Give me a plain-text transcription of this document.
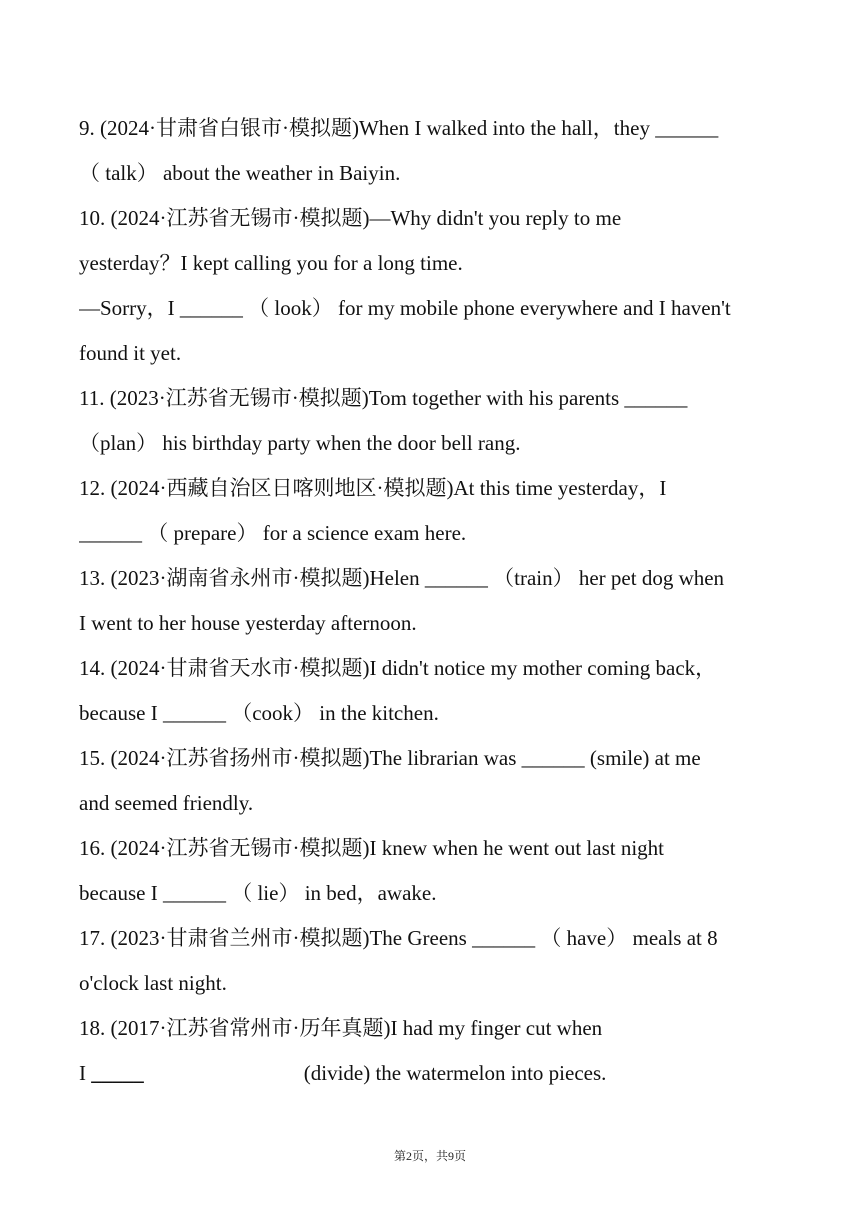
9. (2024·甘肃省白银市·模拟题)When I walked into the hall，they ______
（ talk） about the weather in Baiyin.
10. (2024·江苏省无锡市·模拟题)—Why didn't you reply to me
yesterday？I kept calling you for a long time.
—Sorry，I ______ （ look） for my mobile phone everywhere and I haven't
found it yet.
11. (2023·江苏省无锡市·模拟题)Tom together with his parents ______
（plan） his birthday party when the door bell rang.
12. (2024·西藏自治区日喀则地区·模拟题)At this time yesterday，I
______ （ prepare） for a science exam here.
13. (2023·湖南省永州市·模拟题)Helen ______ （train） her pet dog when
I went to her house yesterday afternoon.
14. (2024·甘肃省天水市·模拟题)I didn't notice my mother coming back，
because I ______ （cook） in the kitchen.
15. (2024·江苏省扬州市·模拟题)The librarian was ______ (smile) at me
and seemed friendly.
16. (2024·江苏省无锡市·模拟题)I knew when he went out last night
because I ______ （ lie） in bed，awake.
17. (2023·甘肃省兰州市·模拟题)The Greens ______ （ have） meals at 8
o'clock last night.
18. (2017·江苏省常州市·历年真题)I had my finger cut when
I _____	(divide) the watermelon into pieces.
第2页，共9页
